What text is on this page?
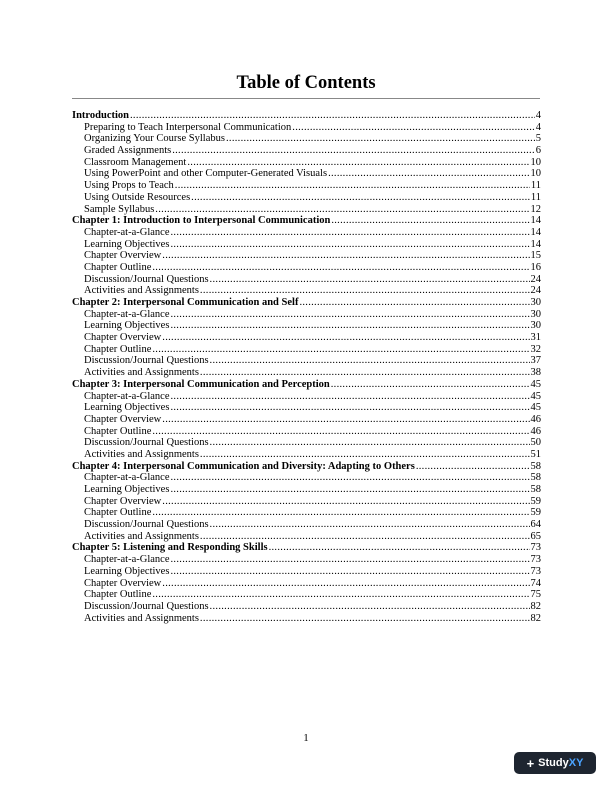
Table of Contents
Introduction .....	4
Preparing to Teach Interpersonal Communication .....	4
Organizing Your Course Syllabus .....	5
Graded Assignments .....	6
Classroom Management .....	10
Using PowerPoint and other Computer-Generated Visuals .....	10
Using Props to Teach .....	11
Using Outside Resources .....	11
Sample Syllabus .....	12
Chapter 1: Introduction to Interpersonal Communication .....	14
Chapter-at-a-Glance .....	14
Learning Objectives .....	14
Chapter Overview .....	15
Chapter Outline .....	16
Discussion/Journal Questions .....	24
Activities and Assignments .....	24
Chapter 2: Interpersonal Communication and Self .....	30
Chapter-at-a-Glance .....	30
Learning Objectives .....	30
Chapter Overview .....	31
Chapter Outline .....	32
Discussion/Journal Questions .....	37
Activities and Assignments .....	38
Chapter 3: Interpersonal Communication and Perception .....	45
Chapter-at-a-Glance .....	45
Learning Objectives .....	45
Chapter Overview .....	46
Chapter Outline .....	46
Discussion/Journal Questions .....	50
Activities and Assignments .....	51
Chapter 4: Interpersonal Communication and Diversity: Adapting to Others .....	58
Chapter-at-a-Glance .....	58
Learning Objectives .....	58
Chapter Overview .....	59
Chapter Outline .....	59
Discussion/Journal Questions .....	64
Activities and Assignments .....	65
Chapter 5: Listening and Responding Skills .....	73
Chapter-at-a-Glance .....	73
Learning Objectives .....	73
Chapter Overview .....	74
Chapter Outline .....	75
Discussion/Journal Questions .....	82
Activities and Assignments .....	82
1
+ StudyXY
